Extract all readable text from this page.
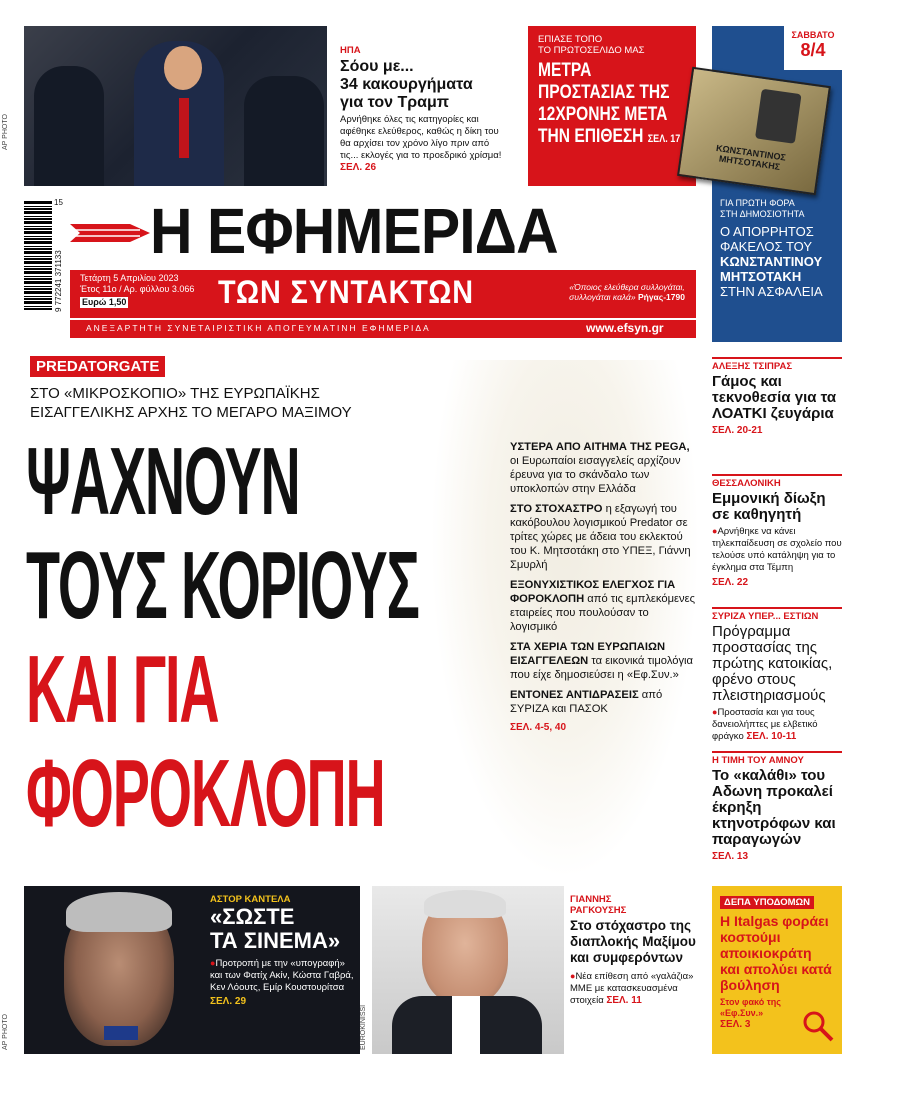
AP PHOTO
ΗΠΑ
Σόου με...
34 κακουργήματα
για τον Τραμπ
Αρνήθηκε όλες τις κατηγορίες και αφέθηκε ελεύθερος, καθώς η δίκη του θα αρχίσει τον χρόνο λίγο πριν από τις... εκλογές για το προεδρικό χρίσμα! ΣΕΛ. 26
ΕΠΙΑΣΕ ΤΟΠΟ
ΤΟ ΠΡΩΤΟΣΕΛΙΔΟ ΜΑΣ
ΜΕΤΡΑ
ΠΡΟΣΤΑΣΙΑΣ ΤΗΣ
12ΧΡΟΝΗΣ ΜΕΤΑ
ΤΗΝ ΕΠΙΘΕΣΗ ΣΕΛ. 17
ΣΑΒΒΑΤΟ
8/4
ΚΩΝΣΤΑΝΤΙΝΟΣ ΜΗΤΣΟΤΑΚΗΣ
ΓΙΑ ΠΡΩΤΗ ΦΟΡΑ
ΣΤΗ ΔΗΜΟΣΙΟΤΗΤΑ
Ο ΑΠΟΡΡΗΤΟΣ
ΦΑΚΕΛΟΣ ΤΟΥ
ΚΩΝΣΤΑΝΤΙΝΟΥ
ΜΗΤΣΟΤΑΚΗ
ΣΤΗΝ ΑΣΦΑΛΕΙΑ
9 772241 371133
15 Η ΕΦΗΜΕΡΙΔΑ
Τετάρτη 5 Απριλίου 2023
Έτος 11ο / Αρ. φύλλου 3.066
Ευρώ 1,50	ΤΩΝ ΣΥΝΤΑΚΤΩΝ	«Όποιος ελεύθερα συλλογάται, συλλογάται καλά» Ρήγας-1790
ΑΝΕΞΑΡΤΗΤΗ ΣΥΝΕΤΑΙΡΙΣΤΙΚΗ ΑΠΟΓΕΥΜΑΤΙΝΗ ΕΦΗΜΕΡΙΔΑ	www.efsyn.gr
PREDATORGATE
ΣΤΟ «ΜΙΚΡΟΣΚΟΠΙΟ» ΤΗΣ ΕΥΡΩΠΑΪΚΗΣ
ΕΙΣΑΓΓΕΛΙΚΗΣ ΑΡΧΗΣ ΤΟ ΜΕΓΑΡΟ ΜΑΞΙΜΟΥ
ΨΑΧΝΟΥΝ
ΤΟΥΣ ΚΟΡΙΟΥΣ
ΚΑΙ ΓΙΑ
ΦΟΡΟΚΛΟΠΗ

ΥΣΤΕΡΑ ΑΠΟ ΑΙΤΗΜΑ ΤΗΣ PEGA, οι Ευρωπαίοι εισαγγελείς αρχίζουν έρευνα για το σκάνδαλο των υποκλοπών στην Ελλάδα

ΣΤΟ ΣΤΟΧΑΣΤΡΟ η εξαγωγή του κακόβουλου λογισμικού Predator σε τρίτες χώρες με άδεια του εκλεκτού του Κ. Μητσοτάκη στο ΥΠΕΞ, Γιάννη Σμυρλή

ΕΞΟΝΥΧΙΣΤΙΚΟΣ ΕΛΕΓΧΟΣ ΓΙΑ ΦΟΡΟΚΛΟΠΗ από τις εμπλεκόμενες εταιρείες που πουλούσαν το λογισμικό

ΣΤΑ ΧΕΡΙΑ ΤΩΝ ΕΥΡΩΠΑΙΩΝ ΕΙΣΑΓΓΕΛΕΩΝ τα εικονικά τιμολόγια που είχε δημοσιεύσει η «Εφ.Συν.»

ΕΝΤΟΝΕΣ ΑΝΤΙΔΡΑΣΕΙΣ από ΣΥΡΙΖΑ και ΠΑΣΟΚ

ΣΕΛ. 4-5, 40
ΑΛΕΞΗΣ ΤΣΙΠΡΑΣ
Γάμος και τεκνοθεσία για τα ΛΟΑΤΚΙ ζευγάρια
ΣΕΛ. 20-21
ΘΕΣΣΑΛΟΝΙΚΗ
Εμμονική δίωξη σε καθηγητή

● Αρνήθηκε να κάνει τηλεκπαίδευση σε σχολείο που τελούσε υπό κατάληψη για το έγκλημα στα Τέμπη

ΣΕΛ. 22
ΣΥΡΙΖΑ ΥΠΕΡ... ΕΣΤΙΩΝ
Πρόγραμμα προστασίας της πρώτης κατοικίας, φρένο στους πλειστηριασμούς

● Προστασία και για τους δανειολήπτες με ελβετικό φράγκο ΣΕΛ. 10-11

Η ΤΙΜΗ ΤΟΥ ΑΜΝΟΥ
Το «καλάθι» του Αδωνη προκαλεί έκρηξη κτηνοτρόφων και παραγωγών
ΣΕΛ. 13
ΔΕΠΑ ΥΠΟΔΟΜΩΝ
Η Italgas φοράει κοστούμι αποικιοκράτη και απολύει κατά βούληση
Στον φακό της «Εφ.Συν.»
ΣΕΛ. 3
AP PHOTO
ΑΣΤΟΡ ΚΑΝΤΕΛΑ
«ΣΩΣΤΕ
ΤΑ ΣΙΝΕΜΑ»

● Προτροπή με την «υπογραφή» και των Φατίχ Ακίν, Κώστα Γαβρά, Κεν Λόουτς, Εμίρ Κουστουρίτσα

ΣΕΛ. 29
EUROKINISSI
ΓΙΑΝΝΗΣ
ΡΑΓΚΟΥΣΗΣ
Στο στόχαστρο της διαπλοκής Μαξίμου και συμφερόντων

● Νέα επίθεση από «γαλάζια» ΜΜΕ με κατασκευασμένα στοιχεία ΣΕΛ. 11
